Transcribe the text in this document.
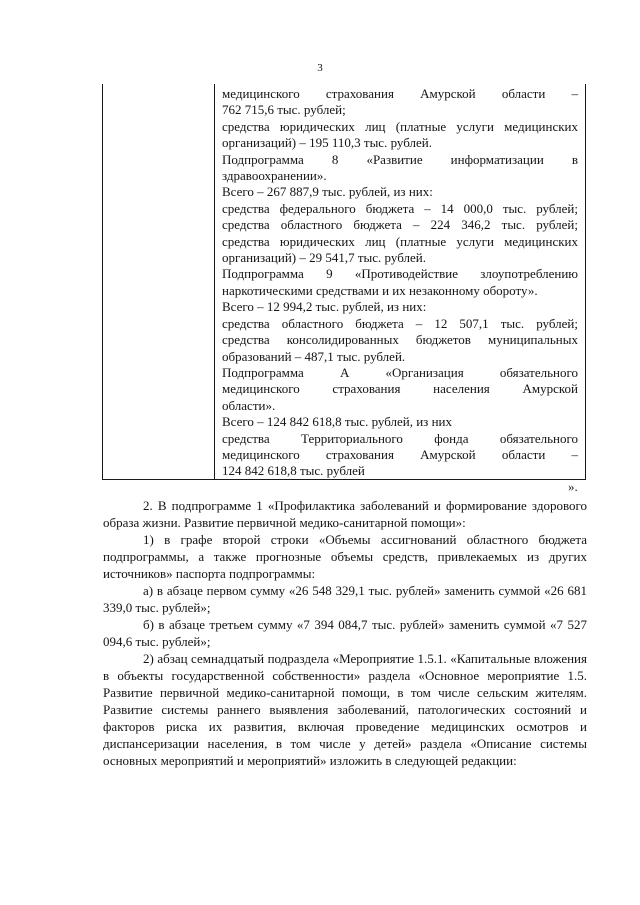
3

медицинского страхования Амурской области –

762 715,6 тыс. рублей;

средства юридических лиц (платные услуги медицинских

организаций) – 195 110,3 тыс. рублей.

Подпрограмма 8 «Развитие информатизации в

здравоохранении».

Всего – 267 887,9 тыс. рублей, из них:

средства федерального бюджета – 14 000,0 тыс. рублей;

средства областного бюджета – 224 346,2 тыс. рублей;

средства юридических лиц (платные услуги медицинских

организаций) – 29 541,7 тыс. рублей.

Подпрограмма 9 «Противодействие злоупотреблению

наркотическими средствами и их незаконному обороту».

Всего – 12 994,2 тыс. рублей, из них:

средства областного бюджета – 12 507,1 тыс. рублей;

средства консолидированных бюджетов муниципальных

образований – 487,1 тыс. рублей.

Подпрограмма А «Организация обязательного

медицинского страхования населения Амурской

области».

Всего – 124 842 618,8 тыс. рублей, из них

средства Территориального фонда обязательного

медицинского страхования Амурской области –

124 842 618,8 тыс. рублей

».

2. В подпрограмме 1 «Профилактика заболеваний и формирование здорового образа жизни. Развитие первичной медико-санитарной помощи»:

1) в графе второй строки «Объемы ассигнований областного бюджета подпрограммы, а также прогнозные объемы средств, привлекаемых из других источников» паспорта подпрограммы:

а) в абзаце первом сумму «26 548 329,1 тыс. рублей» заменить суммой «26 681 339,0 тыс. рублей»;

б) в абзаце третьем сумму «7 394 084,7 тыс. рублей» заменить суммой «7 527 094,6 тыс. рублей»;

2) абзац семнадцатый подраздела «Мероприятие 1.5.1. «Капитальные вложения в объекты государственной собственности» раздела «Основное мероприятие 1.5. Развитие первичной медико-санитарной помощи, в том числе сельским жителям. Развитие системы раннего выявления заболеваний, патологических состояний и факторов риска их развития, включая проведение медицинских осмотров и диспансеризации населения, в том числе у детей» раздела «Описание системы основных мероприятий и мероприятий» изложить в следующей редакции:
